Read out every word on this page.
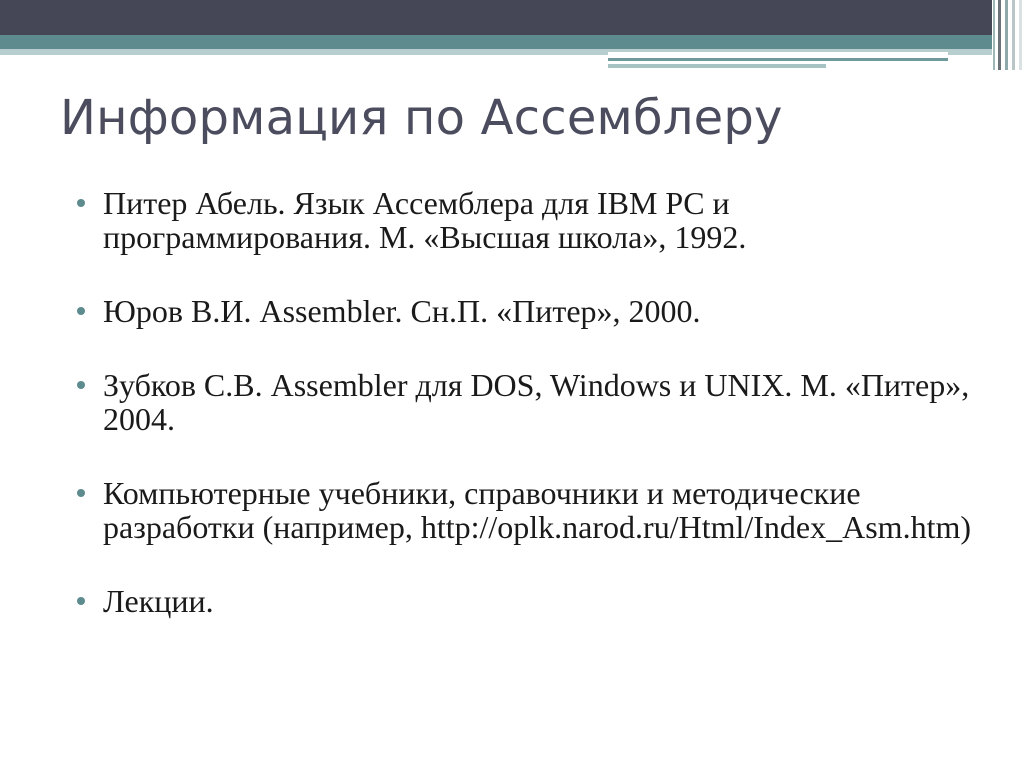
Информация по Ассемблеру
Питер Абель. Язык Ассемблера для IBM PC и программирования. М. «Высшая школа», 1992.
Юров В.И. Assembler. Сн.П. «Питер», 2000.
Зубков С.В. Assembler для DOS, Windows и UNIX. М. «Питер», 2004.
Компьютерные учебники, справочники и методические разработки (например, http://oplk.narod.ru/Html/Index_Asm.htm)
Лекции.
